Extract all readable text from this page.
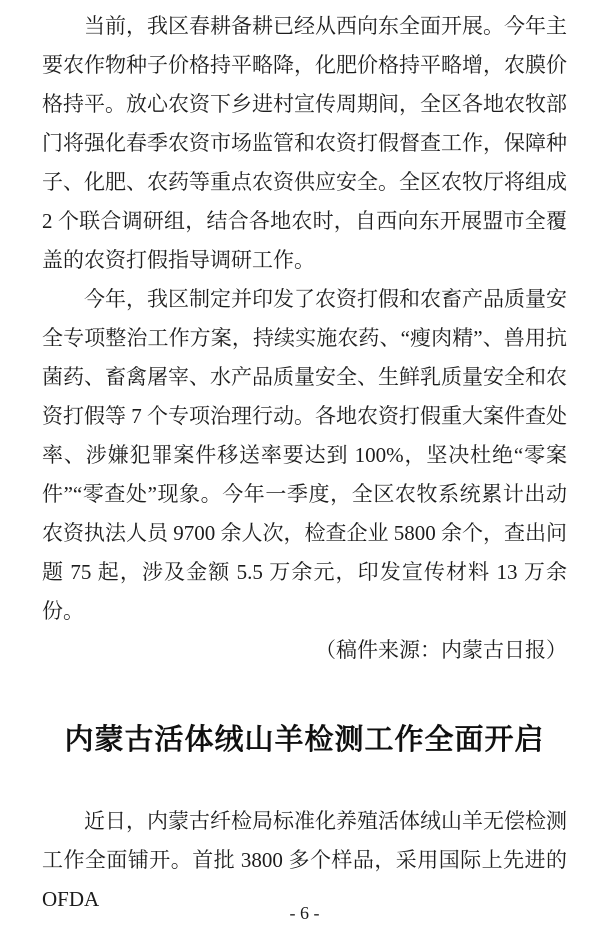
当前，我区春耕备耕已经从西向东全面开展。今年主要农作物种子价格持平略降，化肥价格持平略增，农膜价格持平。放心农资下乡进村宣传周期间，全区各地农牧部门将强化春季农资市场监管和农资打假督查工作，保障种子、化肥、农药等重点农资供应安全。全区农牧厅将组成 2 个联合调研组，结合各地农时，自西向东开展盟市全覆盖的农资打假指导调研工作。

今年，我区制定并印发了农资打假和农畜产品质量安全专项整治工作方案，持续实施农药、“瘦肉精”、兽用抗菌药、畜禽屠宰、水产品质量安全、生鲜乳质量安全和农资打假等 7 个专项治理行动。各地农资打假重大案件查处率、涉嫌犯罪案件移送率要达到 100%，坚决杜绝“零案件”“零查处”现象。今年一季度，全区农牧系统累计出动农资执法人员 9700 余人次，检查企业 5800 余个，查出问题 75 起，涉及金额 5.5 万余元，印发宣传材料 13 万余份。

（稿件来源：内蒙古日报）

内蒙古活体绒山羊检测工作全面开启

近日，内蒙古纤检局标准化养殖活体绒山羊无偿检测工作全面铺开。首批 3800 多个样品，采用国际上先进的 OFDA

- 6 -
